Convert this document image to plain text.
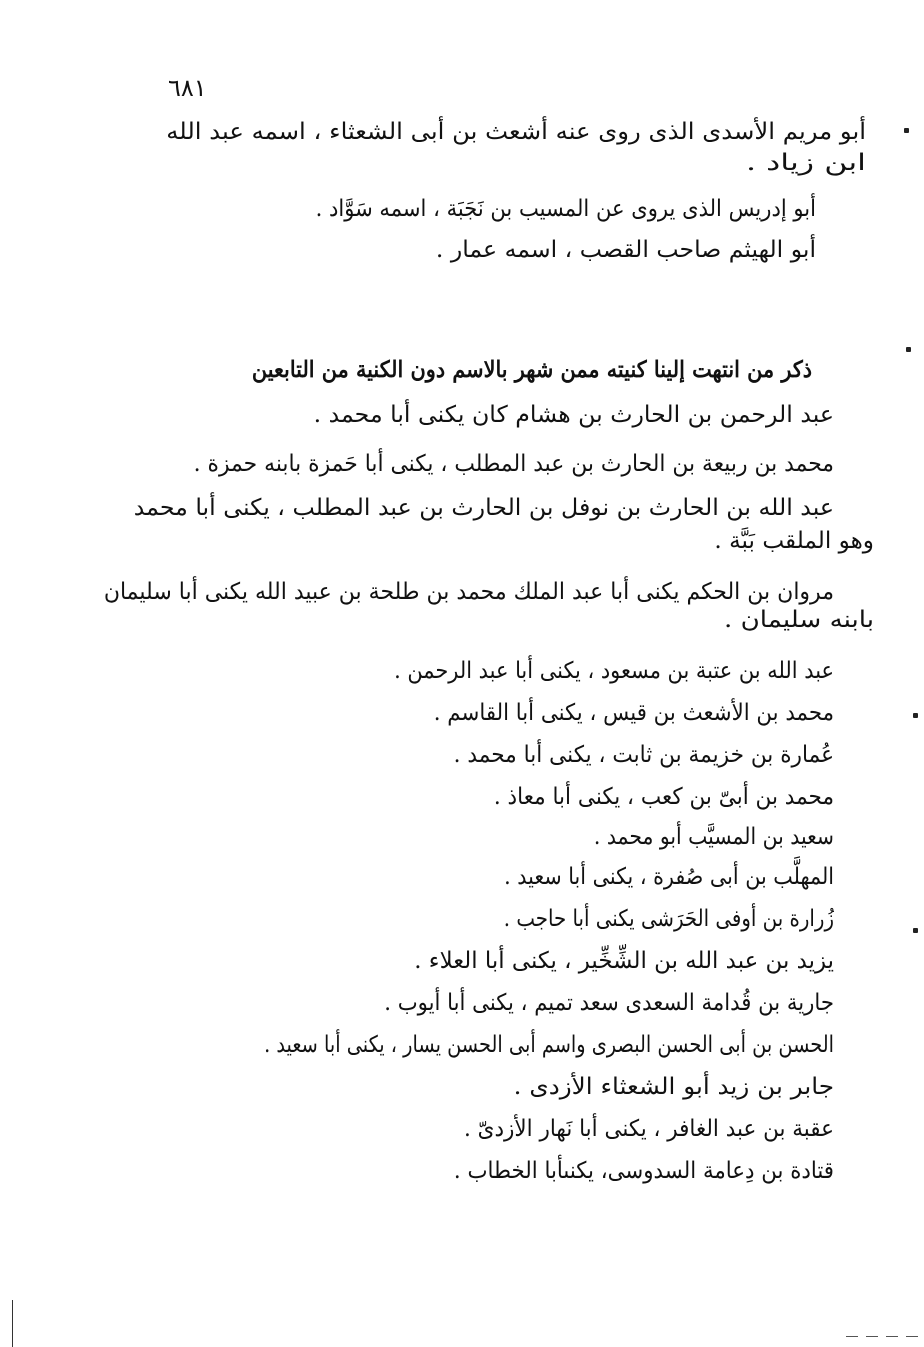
٦٨١
أبو مريم الأسدى الذى روى عنه أشعث بن أبى الشعثاء ، اسمه عبد الله
ابن زياد .
أبو إدريس الذى يروى عن المسيب بن نَجَبَة ، اسمه سَوَّاد .
أبو الهيثم صاحب القصب ، اسمه عمار .
ذكر من انتهت إلينا كنيته ممن شهر بالاسم دون الكنية من التابعين
عبد الرحمن بن الحارث بن هشام كان يكنى أبا محمد .
محمد بن ربيعة بن الحارث بن عبد المطلب ، يكنى أبا حَمزة بابنه حمزة .
عبد الله بن الحارث بن نوفل بن الحارث بن عبد المطلب ، يكنى أبا محمد
وهو الملقب بَبَّة .
مروان بن الحكم يكنى أبا عبد الملك محمد بن طلحة بن عبيد الله يكنى أبا سليمان
بابنه سليمان .
عبد الله بن عتبة بن مسعود ، يكنى أبا عبد الرحمن .
محمد بن الأشعث بن قيس ، يكنى أبا القاسم .
عُمارة بن خزيمة بن ثابت ، يكنى أبا محمد .
محمد بن أبىّ بن كعب ، يكنى أبا معاذ .
سعيد بن المسيَّب أبو محمد .
المهلَّب بن أبى صُفرة ، يكنى أبا سعيد .
زُرارة بن أوفى الحَرَشى يكنى أبا حاجب .
يزيد بن عبد الله بن الشِّخِّير ، يكنى أبا العلاء .
جارية بن قُدامة السعدى سعد تميم ، يكنى أبا أيوب .
الحسن بن أبى الحسن البصرى واسم أبى الحسن يسار ، يكنى أبا سعيد .
جابر بن زيد أبو الشعثاء الأزدى .
عقبة بن عبد الغافر ، يكنى أبا نَهار الأزدىّ .
قتادة بن دِعامة السدوسى، يكنىأبا الخطاب .
